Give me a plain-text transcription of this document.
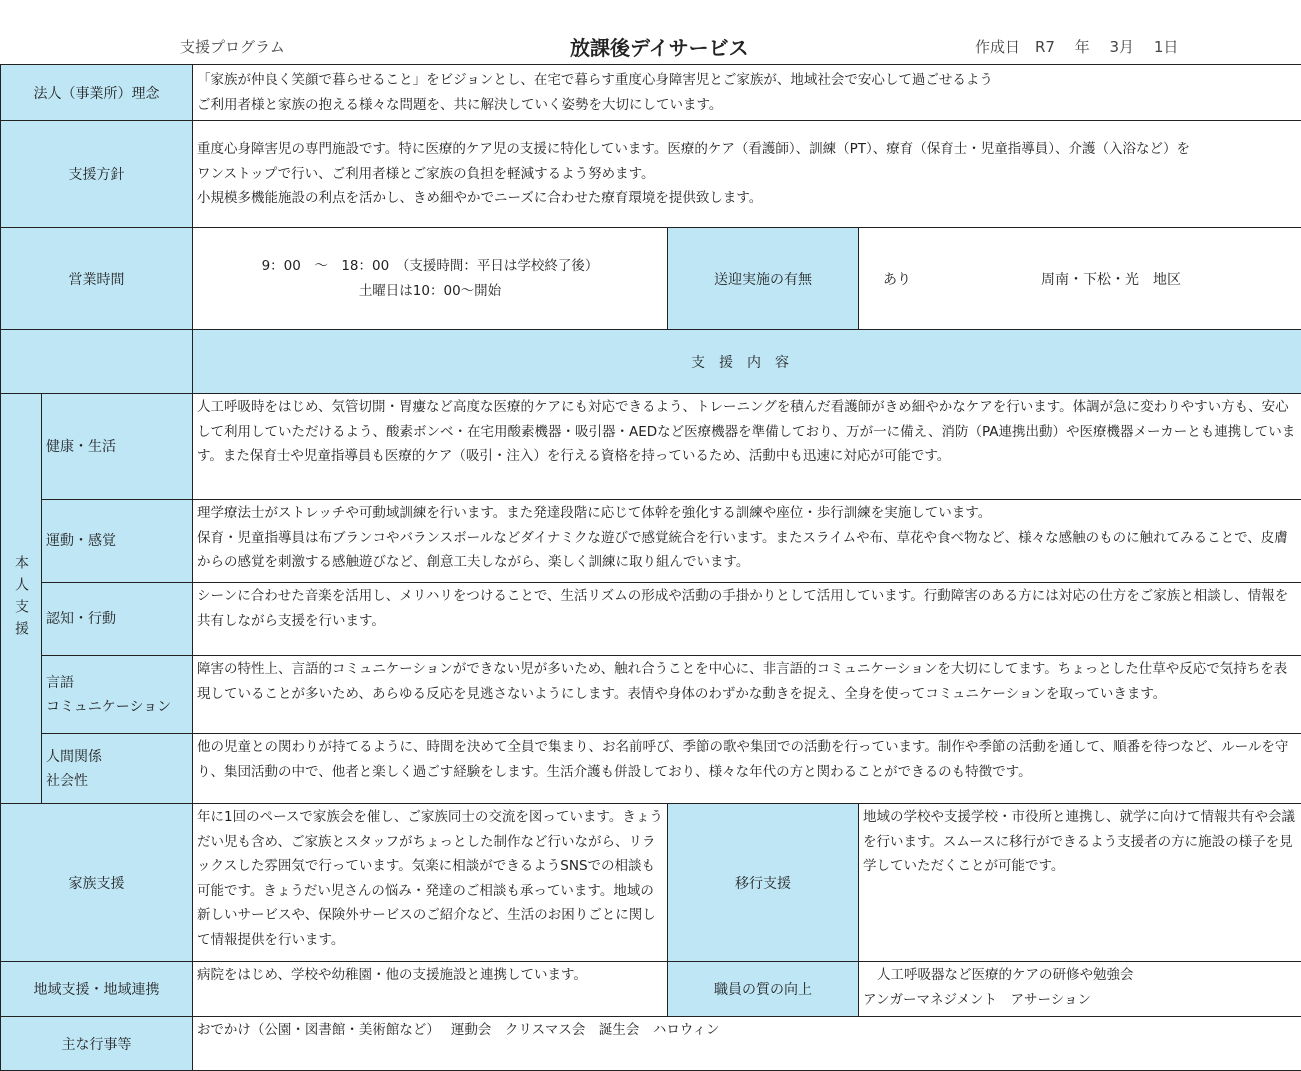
支援プログラム	放課後デイサービス	作成日　R7　 年　 3月　 1日
法人（事業所）理念		「家族が仲良く笑顔で暮らせること」をビジョンとし、在宅で暮らす重度心身障害児とご家族が、地域社会で安心して過ごせるよう
ご利用者様と家族の抱える様々な問題を、共に解決していく姿勢を大切にしています。		

支援方針		重度心身障害児の専門施設です。特に医療的ケア児の支援に特化しています。医療的ケア（看護師）、訓練（PT）、療育（保育士・児童指導員）、介護（入浴など）を
ワンストップで行い、ご利用者様とご家族の負担を軽減するよう努めます。
小規模多機能施設の利点を活かし、きめ細やかでニーズに合わせた療育環境を提供致します。		

営業時間		9：00　～　18：00　（支援時間：平日は学校終了後）
土曜日は10：00～開始	送迎実施の有無	あり 周南・下松・光　地区

		支援内容		

本人支援	健康・生活	人工呼吸時をはじめ、気管切開・胃瘻など高度な医療的ケアにも対応できるよう、トレーニングを積んだ看護師がきめ細やかなケアを行います。体調が急に変わりやすい方も、安心して利用していただけるよう、酸素ボンベ・在宅用酸素機器・吸引器・AEDなど医療機器を準備しており、万が一に備え、消防（PA連携出動）や医療機器メーカーとも連携しています。また保育士や児童指導員も医療的ケア（吸引・注入）を行える資格を持っているため、活動中も迅速に対応が可能です。		
	運動・感覚	理学療法士がストレッチや可動域訓練を行います。また発達段階に応じて体幹を強化する訓練や座位・歩行訓練を実施しています。
保育・児童指導員は布ブランコやバランスボールなどダイナミクな遊びで感覚統合を行います。またスライムや布、草花や食べ物など、様々な感触のものに触れてみることで、皮膚からの感覚を刺激する感触遊びなど、創意工夫しながら、楽しく訓練に取り組んでいます。		
	認知・行動	シーンに合わせた音楽を活用し、メリハリをつけることで、生活リズムの形成や活動の手掛かりとして活用しています。行動障害のある方には対応の仕方をご家族と相談し、情報を共有しながら支援を行います。		

	言語
コミュニケーション	障害の特性上、言語的コミュニケーションができない児が多いため、触れ合うことを中心に、非言語的コミュニケーションを大切にしてます。ちょっとした仕草や反応で気持ちを表現していることが多いため、あらゆる反応を見逃さないようにします。表情や身体のわずかな動きを捉え、全身を使ってコミュニケーションを取っていきます。		

	人間関係
社会性	他の児童との関わりが持てるように、時間を決めて全員で集まり、お名前呼び、季節の歌や集団での活動を行っています。制作や季節の活動を通して、順番を待つなど、ルールを守り、集団活動の中で、他者と楽しく過ごす経験をします。生活介護も併設しており、様々な年代の方と関わることができるのも特徴です。		
家族支援		年に1回のペースで家族会を催し、ご家族同士の交流を図っています。きょうだい児も含め、ご家族とスタッフがちょっとした制作など行いながら、リラックスした雰囲気で行っています。気楽に相談ができるようSNSでの相談も可能です。きょうだい児さんの悩み・発達のご相談も承っています。地域の新しいサービスや、保険外サービスのご紹介など、生活のお困りごとに関して情報提供を行います。	移行支援	地域の学校や支援学校・市役所と連携し、就学に向けて情報共有や会議を行います。スムースに移行ができるよう支援者の方に施設の様子を見学していただくことが可能です。
地域支援・地域連携		病院をはじめ、学校や幼稚園・他の支援施設と連携しています。	職員の質の向上	人工呼吸器など医療的ケアの研修や勉強会
アンガーマネジメント　アサーション

主な行事等		おでかけ（公園・図書館・美術館など）　 運動会　クリスマス会　誕生会　ハロウィン		
